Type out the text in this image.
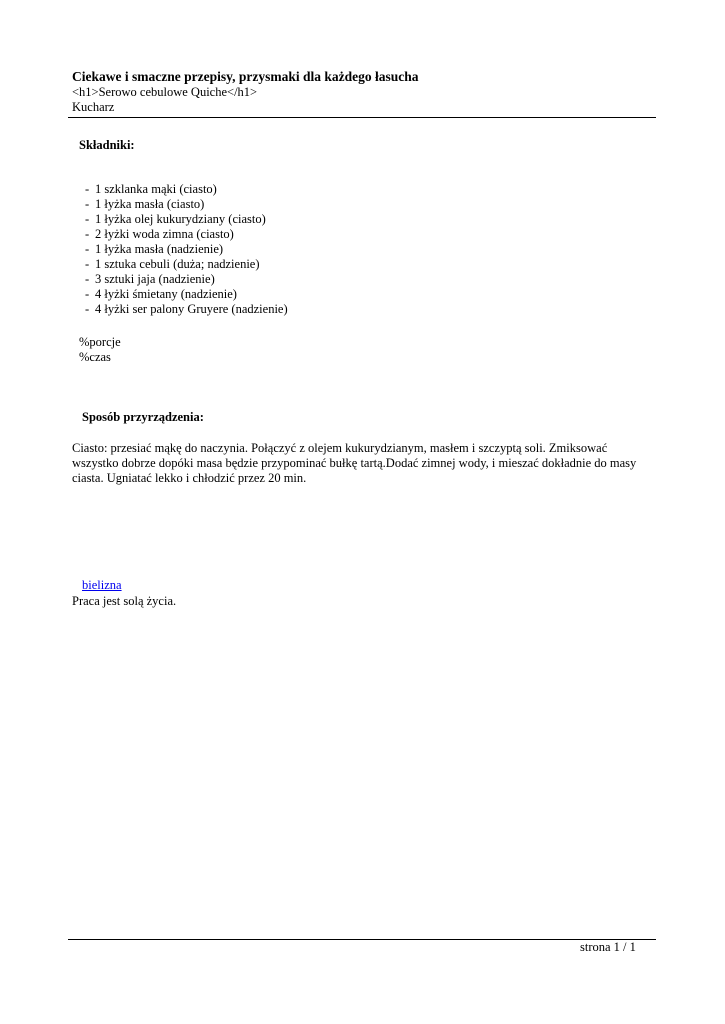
Ciekawe i smaczne przepisy, przysmaki dla każdego łasucha
<h1>Serowo cebulowe Quiche</h1>
Kucharz
Składniki:
- 1 szklanka mąki (ciasto)
- 1 łyżka masła (ciasto)
- 1 łyżka olej kukurydziany (ciasto)
- 2 łyżki woda zimna (ciasto)
- 1 łyżka masła (nadzienie)
- 1 sztuka cebuli (duża; nadzienie)
- 3 sztuki jaja (nadzienie)
- 4 łyżki śmietany (nadzienie)
- 4 łyżki ser palony Gruyere (nadzienie)
%porcje
%czas
Sposób przyrządzenia:

Ciasto: przesiać mąkę do naczynia. Połączyć z olejem kukurydzianym, masłem i szczyptą soli. Zmiksować wszystko dobrze dopóki masa będzie przypominać bułkę tartą.Dodać zimnej wody, i mieszać dokładnie do masy ciasta. Ugniatać lekko i chłodzić przez 20 min.

bielizna
Praca jest solą życia.
strona 1 / 1
